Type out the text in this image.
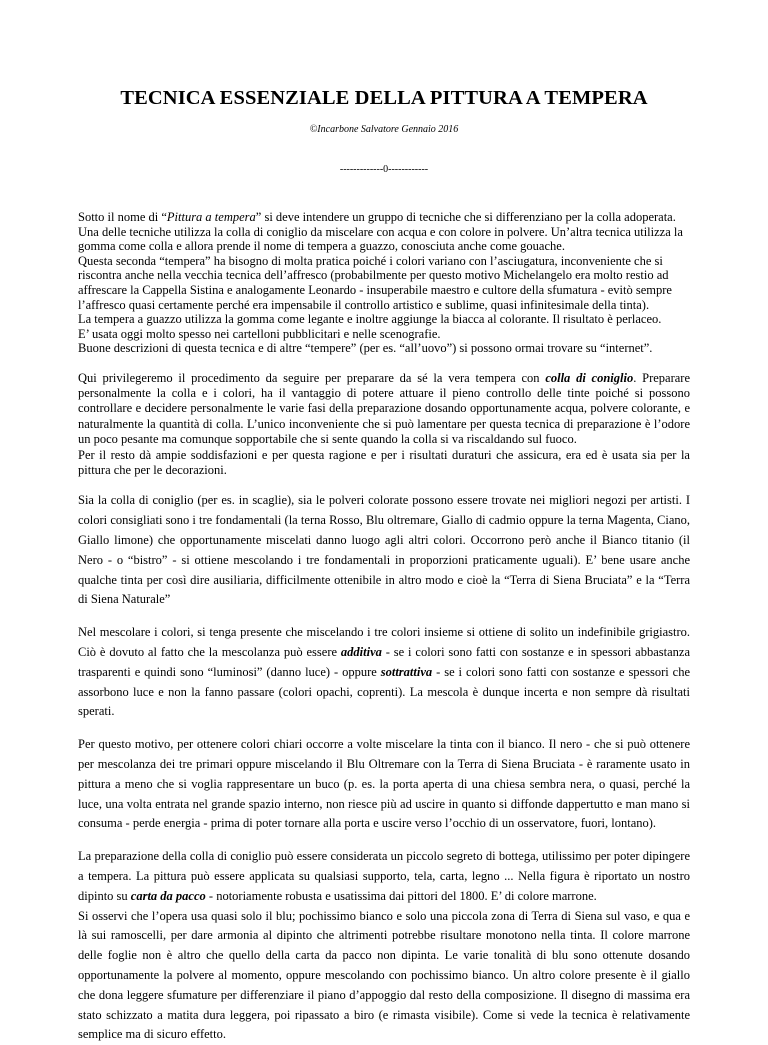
TECNICA ESSENZIALE DELLA PITTURA A TEMPERA

©Incarbone Salvatore Gennaio 2016

-------------0------------

Sotto il nome di “Pittura a tempera” si deve intendere un gruppo di tecniche che si differenziano per la colla adoperata.
Una delle tecniche utilizza la colla di coniglio da miscelare con acqua e con colore in polvere. Un’altra tecnica utilizza la gomma come colla e allora prende il nome di tempera a guazzo, conosciuta anche come gouache.
Questa seconda “tempera” ha bisogno di molta pratica poiché i colori variano con l’asciugatura, inconveniente che si riscontra anche nella vecchia tecnica dell’affresco (probabilmente per questo motivo Michelangelo era molto restio ad affrescare la Cappella Sistina e analogamente Leonardo - insuperabile maestro e cultore della sfumatura - evitò sempre l’affresco quasi certamente perché era impensabile il controllo artistico e sublime, quasi infinitesimale della tinta).
La tempera a guazzo utilizza la gomma come legante e inoltre aggiunge la biacca al colorante. Il risultato è perlaceo.
E’ usata oggi molto spesso nei cartelloni pubblicitari e nelle scenografie.
Buone descrizioni di questa tecnica e di altre “tempere” (per es. “all’uovo”) si possono ormai trovare su “internet”.

Qui privilegeremo il procedimento da seguire per preparare da sé la vera tempera con colla di coniglio. Preparare personalmente la colla e i colori, ha il vantaggio di potere attuare il pieno controllo delle tinte poiché si possono controllare e decidere personalmente le varie fasi della preparazione dosando opportunamente acqua, polvere colorante, e naturalmente la quantità di colla. L’unico inconveniente che si può lamentare per questa tecnica di preparazione è l’odore un poco pesante ma comunque sopportabile che si sente quando la colla si va riscaldando sul fuoco.
Per il resto dà ampie soddisfazioni e per questa ragione e per i risultati duraturi che assicura, era ed è usata sia per la pittura che per le decorazioni.

Sia la colla di coniglio (per es. in scaglie), sia le polveri colorate possono essere trovate nei migliori negozi per artisti. I colori consigliati sono i tre fondamentali (la terna Rosso, Blu oltremare, Giallo di cadmio oppure la terna Magenta, Ciano, Giallo limone) che opportunamente miscelati danno luogo agli altri colori. Occorrono però anche il Bianco titanio (il Nero - o “bistro” - si ottiene mescolando i tre fondamentali in proporzioni praticamente uguali). E’ bene usare anche qualche tinta per così dire ausiliaria, difficilmente ottenibile in altro modo e cioè la “Terra di Siena Bruciata” e la “Terra di Siena Naturale”

Nel mescolare i colori, si tenga presente che miscelando i tre colori insieme si ottiene di solito un indefinibile grigiastro. Ciò è dovuto al fatto che la mescolanza può essere additiva - se i colori sono fatti con sostanze e in spessori abbastanza trasparenti e quindi sono “luminosi” (danno luce) - oppure sottrattiva - se i colori sono fatti con sostanze e spessori che assorbono luce e non la fanno passare (colori opachi, coprenti). La mescola è dunque incerta e non sempre dà risultati sperati.

Per questo motivo, per ottenere colori chiari occorre a volte miscelare la tinta con il bianco. Il nero - che si può ottenere per mescolanza dei tre primari oppure miscelando il Blu Oltremare con la Terra di Siena Bruciata - è raramente usato in pittura a meno che si voglia rappresentare un buco (p. es. la porta aperta di una chiesa sembra nera, o quasi, perché la luce, una volta entrata nel grande spazio interno, non riesce più ad uscire in quanto si diffonde dappertutto e man mano si consuma - perde energia - prima di poter tornare alla porta e uscire verso l’occhio di un osservatore, fuori, lontano).

La preparazione della colla di coniglio può essere considerata un piccolo segreto di bottega, utilissimo per poter dipingere a tempera. La pittura può essere applicata su qualsiasi supporto, tela, carta, legno ... Nella figura è riportato un nostro dipinto su carta da pacco - notoriamente robusta e usatissima dai pittori del 1800. E’ di colore marrone.
Si osservi che l’opera usa quasi solo il blu; pochissimo bianco e solo una piccola zona di Terra di Siena sul vaso, e qua e là sui ramoscelli, per dare armonia al dipinto che altrimenti potrebbe risultare monotono nella tinta. Il colore marrone delle foglie non è altro che quello della carta da pacco non dipinta. Le varie tonalità di blu sono ottenute dosando opportunamente la polvere al momento, oppure mescolando con pochissimo bianco. Un altro colore presente è il giallo che dona leggere sfumature per differenziare il piano d’appoggio dal resto della composizione. Il disegno di massima era stato schizzato a matita dura leggera, poi ripassato a biro (e rimasta visibile). Come si vede la tecnica è relativamente semplice ma di sicuro effetto.
